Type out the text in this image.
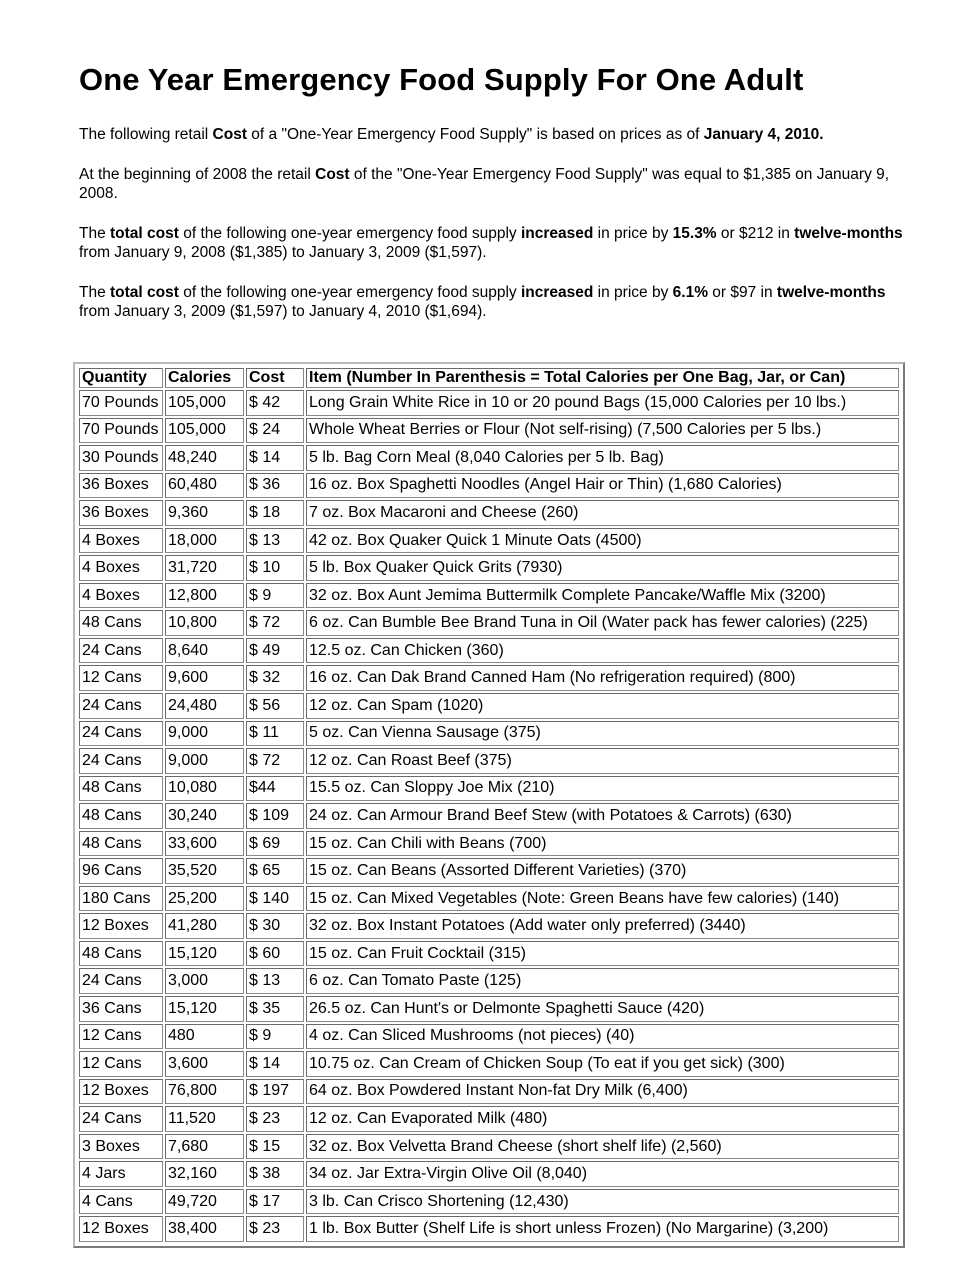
One Year Emergency Food Supply For One Adult

The following retail Cost of a "One-Year Emergency Food Supply" is based on prices as of January 4, 2010.

At the beginning of 2008 the retail Cost of the "One-Year Emergency Food Supply" was equal to $1,385 on January 9, 2008.

The total cost of the following one-year emergency food supply increased in price by 15.3% or $212 in twelve-months from January 9, 2008 ($1,385) to January 3, 2009 ($1,597).

The total cost of the following one-year emergency food supply increased in price by 6.1% or $97 in twelve-months from January 3, 2009 ($1,597) to January 4, 2010 ($1,694).

Quantity	Calories	Cost	Item (Number In Parenthesis = Total Calories per One Bag, Jar, or Can)
70 Pounds	105,000	$ 42	Long Grain White Rice in 10 or 20 pound Bags (15,000 Calories per 10 lbs.)
70 Pounds	105,000	$ 24	Whole Wheat Berries or Flour (Not self-rising) (7,500 Calories per 5 lbs.)
30 Pounds	48,240	$ 14	5 lb. Bag Corn Meal (8,040 Calories per 5 lb. Bag)
36 Boxes	60,480	$ 36	16 oz. Box Spaghetti Noodles (Angel Hair or Thin) (1,680 Calories)
36 Boxes	9,360	$ 18	7 oz. Box Macaroni and Cheese (260)
4 Boxes	18,000	$ 13	42 oz. Box Quaker Quick 1 Minute Oats (4500)
4 Boxes	31,720	$ 10	5 lb. Box Quaker Quick Grits (7930)
4 Boxes	12,800	$ 9	32 oz. Box Aunt Jemima Buttermilk Complete Pancake/Waffle Mix (3200)
48 Cans	10,800	$ 72	6 oz. Can Bumble Bee Brand Tuna in Oil (Water pack has fewer calories) (225)
24 Cans	8,640	$ 49	12.5 oz. Can Chicken (360)
12 Cans	9,600	$ 32	16 oz. Can Dak Brand Canned Ham (No refrigeration required) (800)
24 Cans	24,480	$ 56	12 oz. Can Spam (1020)
24 Cans	9,000	$ 11	5 oz. Can Vienna Sausage (375)
24 Cans	9,000	$ 72	12 oz. Can Roast Beef (375)
48 Cans	10,080	$44	15.5 oz. Can Sloppy Joe Mix (210)
48 Cans	30,240	$ 109	24 oz. Can Armour Brand Beef Stew (with Potatoes & Carrots) (630)
48 Cans	33,600	$ 69	15 oz. Can Chili with Beans (700)
96 Cans	35,520	$ 65	15 oz. Can Beans (Assorted Different Varieties) (370)
180 Cans	25,200	$ 140	15 oz. Can Mixed Vegetables (Note: Green Beans have few calories) (140)
12 Boxes	41,280	$ 30	32 oz. Box Instant Potatoes (Add water only preferred) (3440)
48 Cans	15,120	$ 60	15 oz. Can Fruit Cocktail (315)
24 Cans	3,000	$ 13	6 oz. Can Tomato Paste (125)
36 Cans	15,120	$ 35	26.5 oz. Can Hunt's or Delmonte Spaghetti Sauce (420)
12 Cans	480	$ 9	4 oz. Can Sliced Mushrooms (not pieces) (40)
12 Cans	3,600	$ 14	10.75 oz. Can Cream of Chicken Soup (To eat if you get sick) (300)
12 Boxes	76,800	$ 197	64 oz. Box Powdered Instant Non-fat Dry Milk (6,400)
24 Cans	11,520	$ 23	12 oz. Can Evaporated Milk (480)
3 Boxes	7,680	$ 15	32 oz. Box Velvetta Brand Cheese (short shelf life) (2,560)
4 Jars	32,160	$ 38	34 oz. Jar Extra-Virgin Olive Oil (8,040)
4 Cans	49,720	$ 17	3 lb. Can Crisco Shortening (12,430)
12 Boxes	38,400	$ 23	1 lb. Box Butter (Shelf Life is short unless Frozen) (No Margarine) (3,200)
